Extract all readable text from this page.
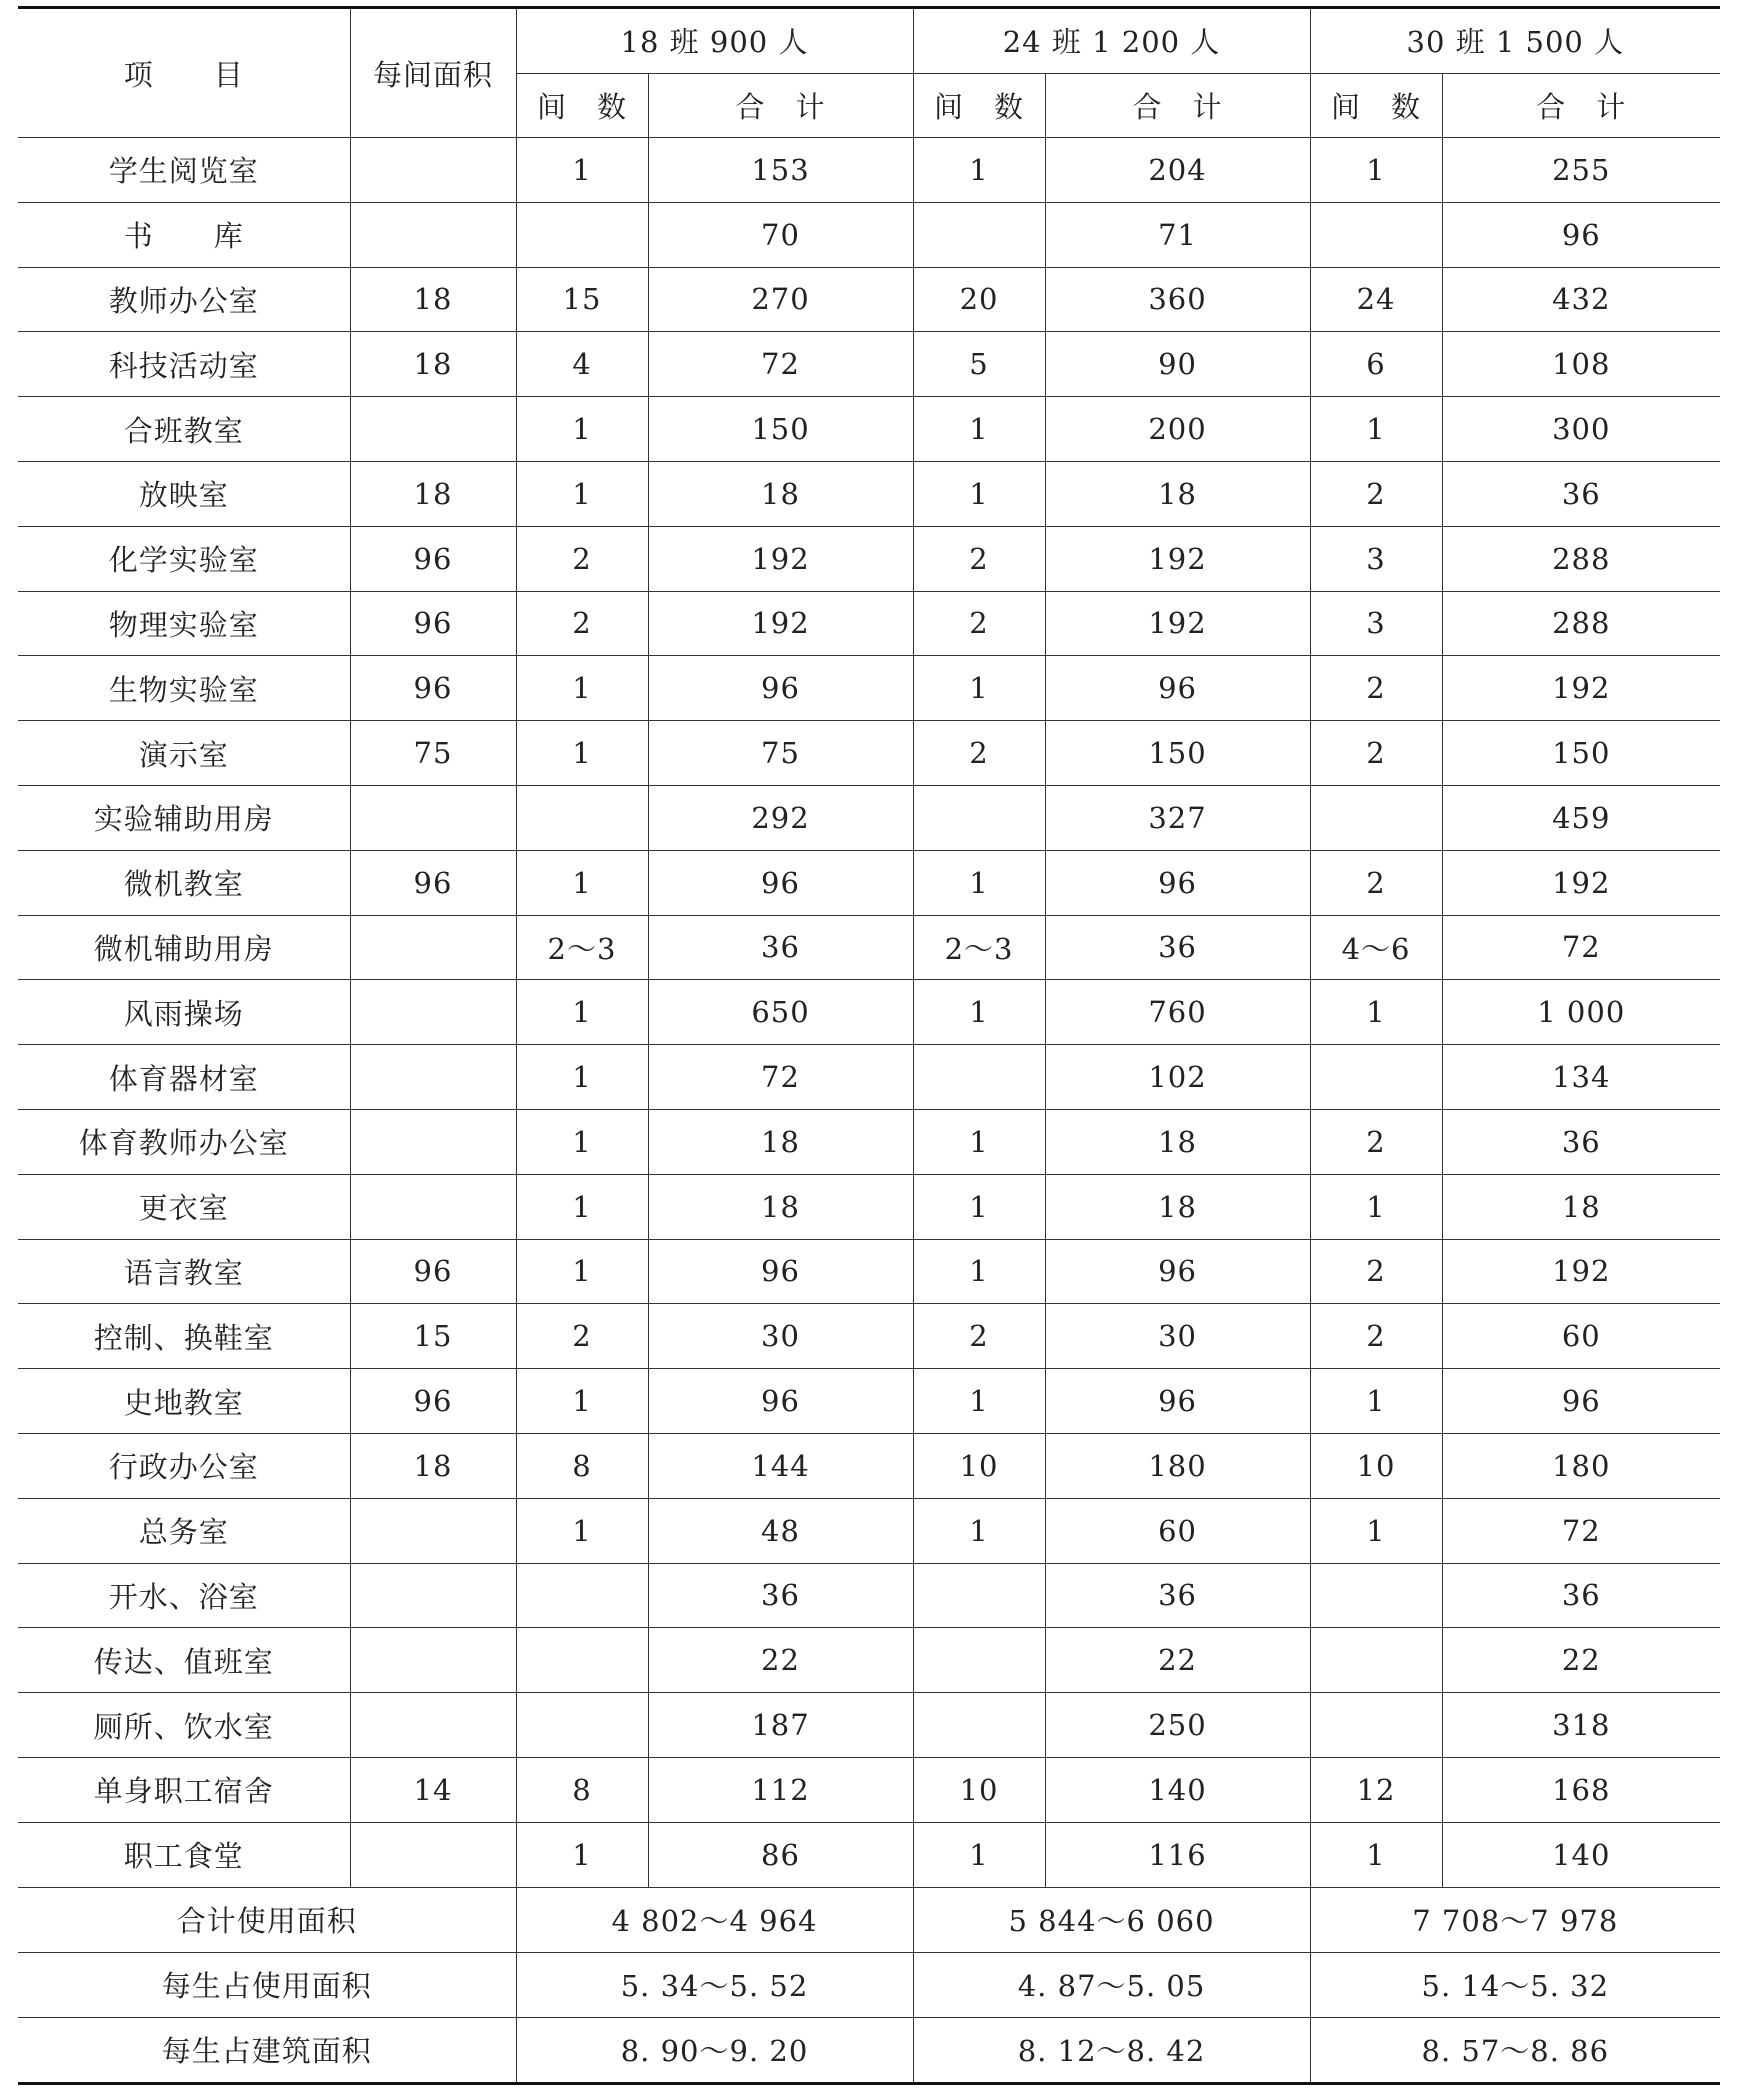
项　　目	每间面积	18 班 900 人		24 班 1 200 人		30 班 1 500 人	
		间　数	合　计	间　数	合　计	间　数	合　计
学生阅览室		1	153	1	204	1	255
书　　库			70		71		96
教师办公室	18	15	270	20	360	24	432
科技活动室	18	4	72	5	90	6	108
合班教室		1	150	1	200	1	300
放映室	18	1	18	1	18	2	36
化学实验室	96	2	192	2	192	3	288
物理实验室	96	2	192	2	192	3	288
生物实验室	96	1	96	1	96	2	192
演示室	75	1	75	2	150	2	150
实验辅助用房			292		327		459
微机教室	96	1	96	1	96	2	192
微机辅助用房		2～3	36	2～3	36	4～6	72
风雨操场		1	650	1	760	1	1 000
体育器材室		1	72		102		134
体育教师办公室		1	18	1	18	2	36
更衣室		1	18	1	18	1	18
语言教室	96	1	96	1	96	2	192
控制、换鞋室	15	2	30	2	30	2	60
史地教室	96	1	96	1	96	1	96
行政办公室	18	8	144	10	180	10	180
总务室		1	48	1	60	1	72
开水、浴室			36		36		36
传达、值班室			22		22		22
厕所、饮水室			187		250		318
单身职工宿舍	14	8	112	10	140	12	168
职工食堂		1	86	1	116	1	140
合计使用面积		4 802～4 964		5 844～6 060		7 708～7 978	
每生占使用面积		5. 34～5. 52		4. 87～5. 05		5. 14～5. 32	
每生占建筑面积		8. 90～9. 20		8. 12～8. 42		8. 57～8. 86	
